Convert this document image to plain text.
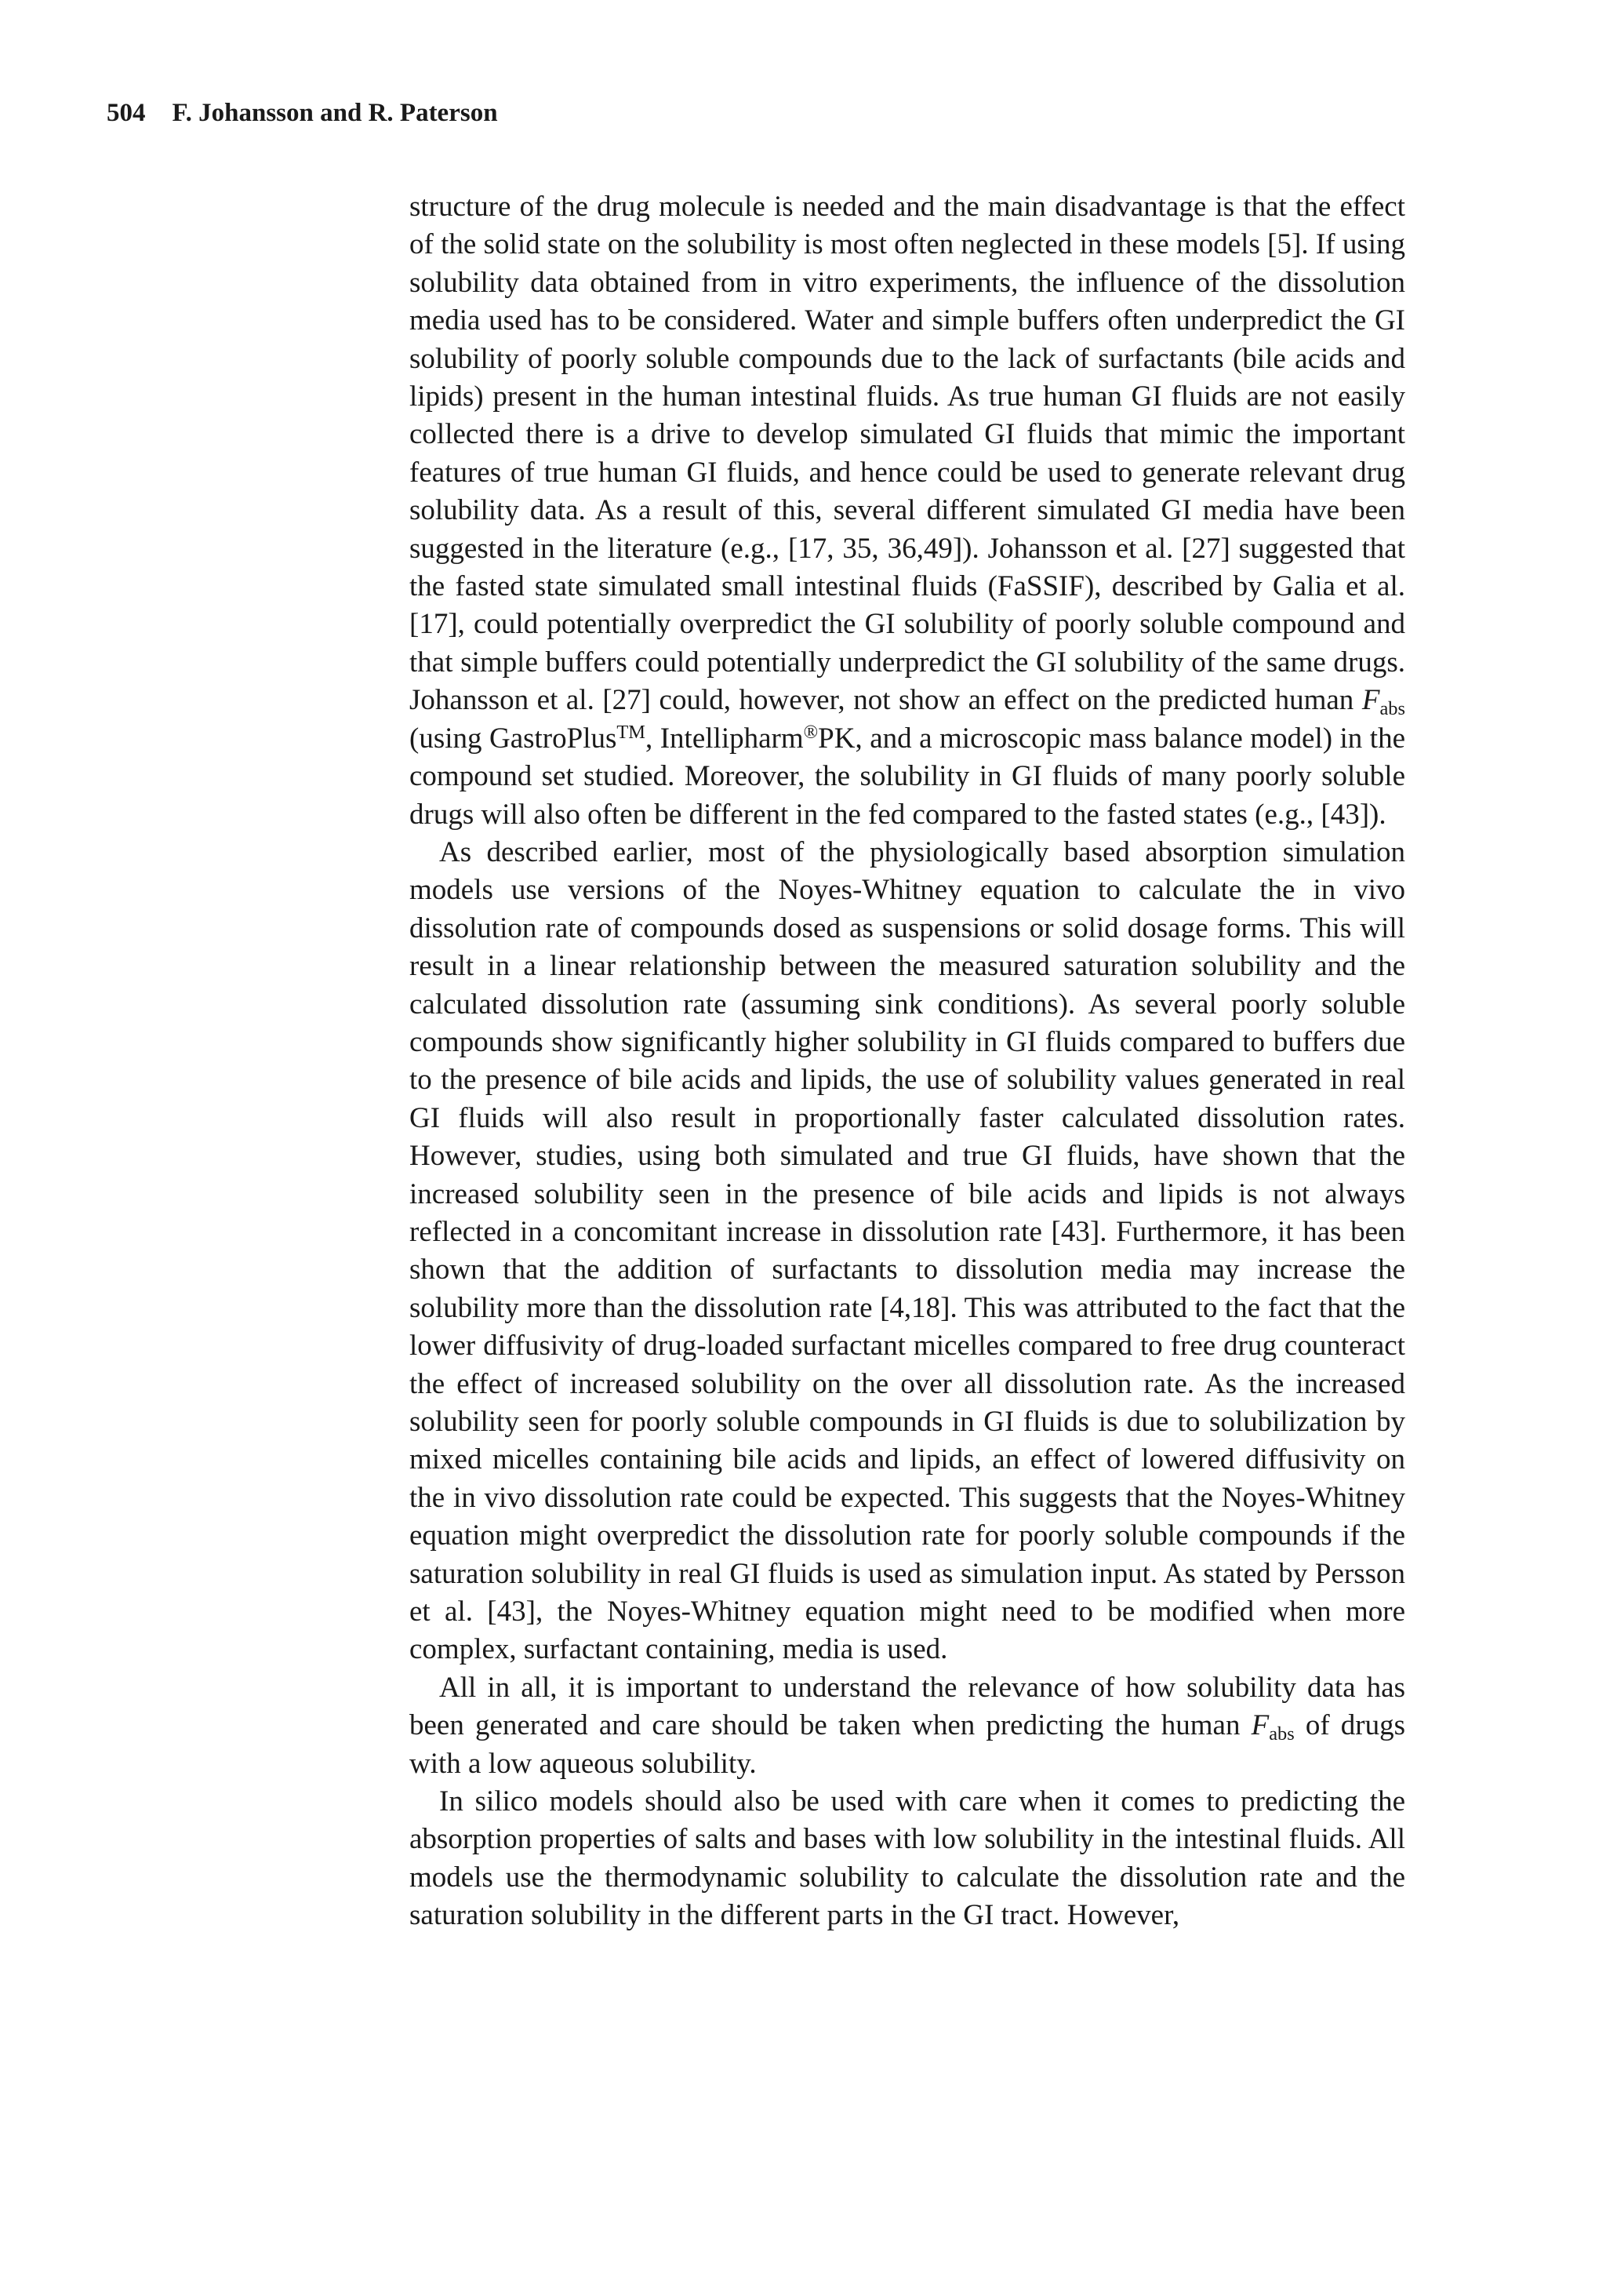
504 F. Johansson and R. Paterson

structure of the drug molecule is needed and the main disadvantage is that the effect of the solid state on the solubility is most often neglected in these models [5]. If using solubility data obtained from in vitro experiments, the influence of the dissolution media used has to be considered. Water and simple buffers often underpredict the GI solubility of poorly soluble compounds due to the lack of surfactants (bile acids and lipids) present in the human intestinal fluids. As true human GI fluids are not easily collected there is a drive to develop simulated GI fluids that mimic the important features of true human GI fluids, and hence could be used to generate relevant drug solubility data. As a result of this, several different simulated GI media have been suggested in the literature (e.g., [17, 35, 36,49]). Johansson et al. [27] suggested that the fasted state simulated small intestinal fluids (FaSSIF), described by Galia et al. [17], could potentially overpredict the GI solubility of poorly soluble compound and that simple buffers could potentially underpredict the GI solubility of the same drugs. Johansson et al. [27] could, however, not show an effect on the predicted human $F_{abs}$ (using GastroPlus™, Intellipharm®PK, and a microscopic mass balance model) in the compound set studied. Moreover, the solubility in GI fluids of many poorly soluble drugs will also often be different in the fed compared to the fasted states (e.g., [43]).

As described earlier, most of the physiologically based absorption simulation models use versions of the Noyes-Whitney equation to calculate the in vivo dissolution rate of compounds dosed as suspensions or solid dosage forms. This will result in a linear relationship between the measured saturation solubility and the calculated dissolution rate (assuming sink conditions). As several poorly soluble compounds show significantly higher solubility in GI fluids compared to buffers due to the presence of bile acids and lipids, the use of solubility values generated in real GI fluids will also result in proportionally faster calculated dissolution rates. However, studies, using both simulated and true GI fluids, have shown that the increased solubility seen in the presence of bile acids and lipids is not always reflected in a concomitant increase in dissolution rate [43]. Furthermore, it has been shown that the addition of surfactants to dissolution media may increase the solubility more than the dissolution rate [4,18]. This was attributed to the fact that the lower diffusivity of drug-loaded surfactant micelles compared to free drug counteract the effect of increased solubility on the over all dissolution rate. As the increased solubility seen for poorly soluble compounds in GI fluids is due to solubilization by mixed micelles containing bile acids and lipids, an effect of lowered diffusivity on the in vivo dissolution rate could be expected. This suggests that the Noyes-Whitney equation might overpredict the dissolution rate for poorly soluble compounds if the saturation solubility in real GI fluids is used as simulation input. As stated by Persson et al. [43], the Noyes-Whitney equation might need to be modified when more complex, surfactant containing, media is used.

All in all, it is important to understand the relevance of how solubility data has been generated and care should be taken when predicting the human $F_{abs}$ of drugs with a low aqueous solubility.

In silico models should also be used with care when it comes to predicting the absorption properties of salts and bases with low solubility in the intestinal fluids. All models use the thermodynamic solubility to calculate the dissolution rate and the saturation solubility in the different parts in the GI tract. However,
